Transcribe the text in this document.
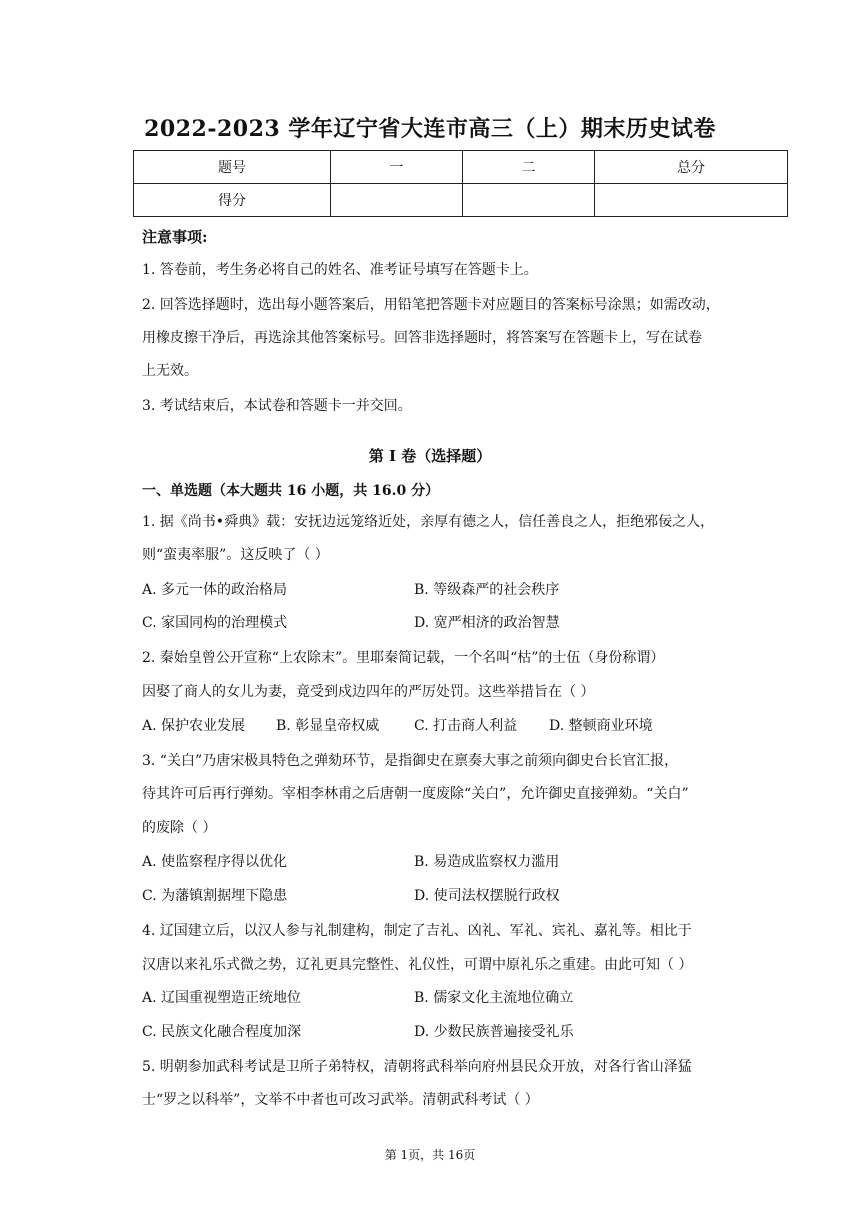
2022-2023 学年辽宁省大连市高三（上）期末历史试卷
题号	一	二	总分
得分			
注意事项:
1. 答卷前，考生务必将自己的姓名、准考证号填写在答题卡上。
2. 回答选择题时，选出每小题答案后，用铅笔把答题卡对应题目的答案标号涂黑；如需改动，
用橡皮擦干净后，再选涂其他答案标号。回答非选择题时，将答案写在答题卡上，写在试卷
上无效。
3. 考试结束后，本试卷和答题卡一并交回。
第 I 卷（选择题）
一、单选题（本大题共 16 小题，共 16.0 分）
1. 据《尚书•舜典》载：安抚边远笼络近处，亲厚有德之人，信任善良之人，拒绝邪佞之人，
则“蛮夷率服”。这反映了（ ）
A. 多元一体的政治格局	B. 等级森严的社会秩序
C. 家国同构的治理模式	D. 宽严相济的政治智慧
2. 秦始皇曾公开宣称“上农除末”。里耶秦简记载，一个名叫“枯”的士伍（身份称谓）
因娶了商人的女儿为妻，竟受到戍边四年的严厉处罚。这些举措旨在（ ）
A. 保护农业发展 B. 彰显皇帝权威 C. 打击商人利益 D. 整顿商业环境
3. “关白”乃唐宋极具特色之弹劾环节，是指御史在禀奏大事之前须向御史台长官汇报，
待其许可后再行弹劾。宰相李林甫之后唐朝一度废除“关白”，允许御史直接弹劾。“关白”
的废除（ ）
A. 使监察程序得以优化	B. 易造成监察权力滥用
C. 为藩镇割据埋下隐患	D. 使司法权摆脱行政权
4. 辽国建立后，以汉人参与礼制建构，制定了吉礼、凶礼、军礼、宾礼、嘉礼等。相比于
汉唐以来礼乐式微之势，辽礼更具完整性、礼仪性，可谓中原礼乐之重建。由此可知（ ）
A. 辽国重视塑造正统地位	B. 儒家文化主流地位确立
C. 民族文化融合程度加深	D. 少数民族普遍接受礼乐
5. 明朝参加武科考试是卫所子弟特权，清朝将武科举向府州县民众开放，对各行省山泽猛
士“罗之以科举”，文举不中者也可改习武举。清朝武科考试（ ）
第 1页，共 16页
